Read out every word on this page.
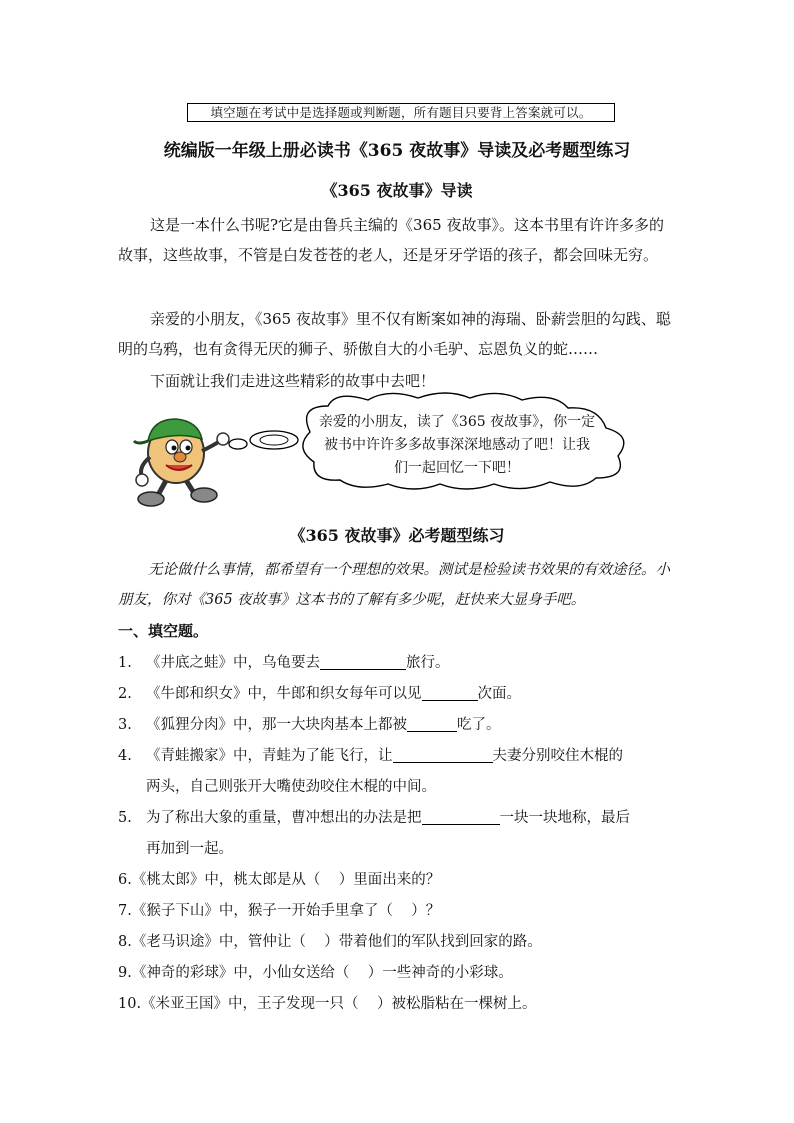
填空题在考试中是选择题或判断题，所有题目只要背上答案就可以。
统编版一年级上册必读书《365 夜故事》导读及必考题型练习
《365 夜故事》导读
这是一本什么书呢?它是由鲁兵主编的《365 夜故事》。这本书里有许许多多的故事，这些故事，不管是白发苍苍的老人，还是牙牙学语的孩子，都会回味无穷。
亲爱的小朋友，《365 夜故事》里不仅有断案如神的海瑞、卧薪尝胆的勾践、聪明的乌鸦，也有贪得无厌的狮子、骄傲自大的小毛驴、忘恩负义的蛇……
下面就让我们走进这些精彩的故事中去吧！
亲爱的小朋友，读了《365 夜故事》，你一定被书中许许多多故事深深地感动了吧！让我们一起回忆一下吧！
《365 夜故事》必考题型练习
无论做什么事情，都希望有一个理想的效果。测试是检验读书效果的有效途径。小朋友，你对《365 夜故事》这本书的了解有多少呢，赶快来大显身手吧。
一、填空题。
1. 《井底之蛙》中，乌龟要去	旅行。
2. 《牛郎和织女》中，牛郎和织女每年可以见	次面。
3. 《狐狸分肉》中，那一大块肉基本上都被	吃了。
4. 《青蛙搬家》中，青蛙为了能飞行，让	夫妻分别咬住木棍的
两头，自己则张开大嘴使劲咬住木棍的中间。
5. 为了称出大象的重量，曹冲想出的办法是把	一块一块地称，最后
再加到一起。
6.《桃太郎》中，桃太郎是从（ ）里面出来的？
7.《猴子下山》中，猴子一开始手里拿了（ ）？
8.《老马识途》中，管仲让（ ）带着他们的军队找到回家的路。
9.《神奇的彩球》中，小仙女送给（ ）一些神奇的小彩球。
10.《米亚王国》中，王子发现一只（ ）被松脂粘在一棵树上。
